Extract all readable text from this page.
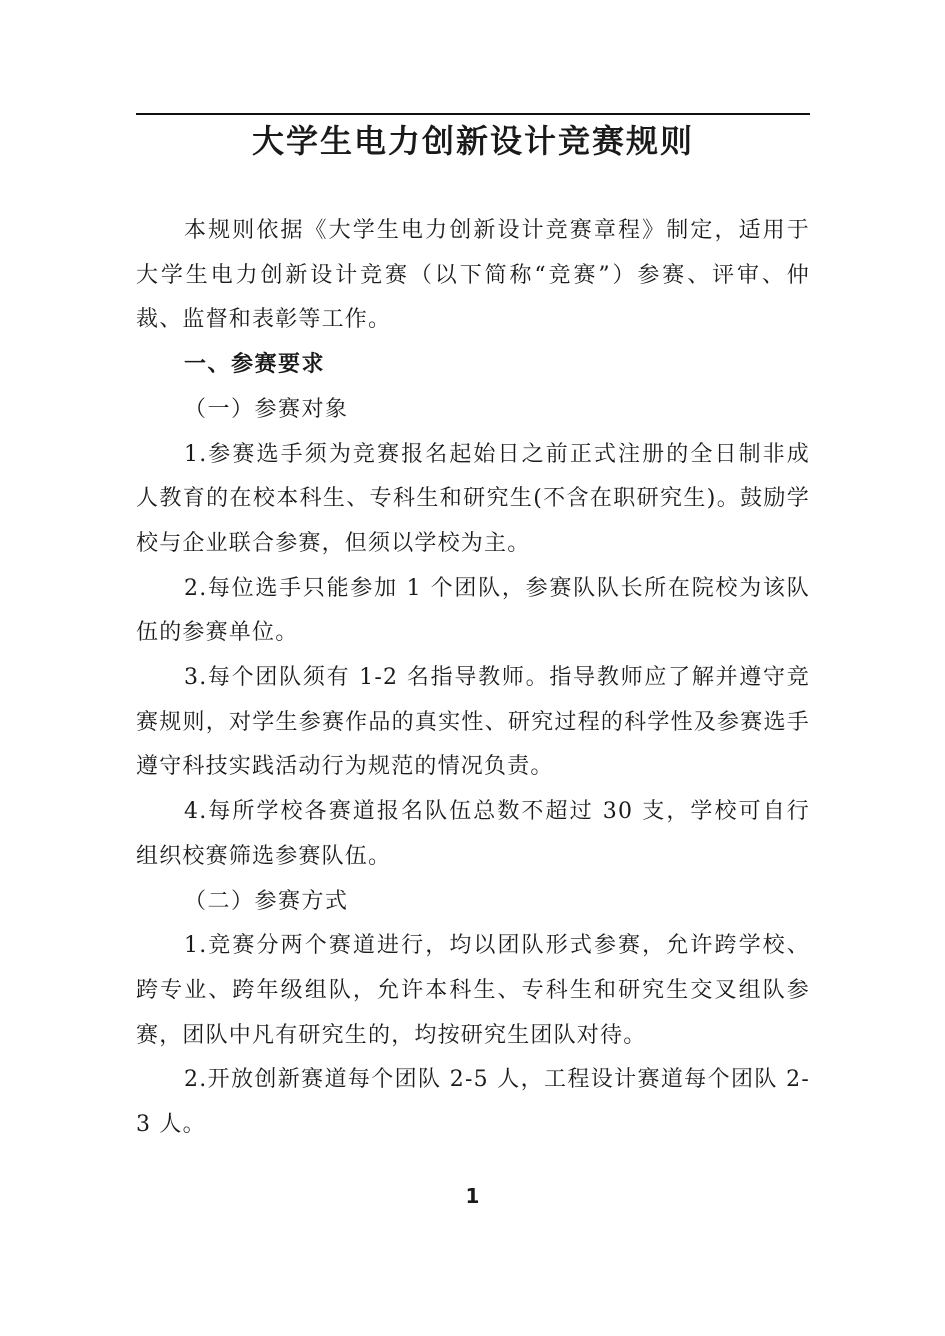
大学生电力创新设计竞赛规则

本规则依据《大学生电力创新设计竞赛章程》制定，适用于大学生电力创新设计竞赛（以下简称“竞赛”）参赛、评审、仲裁、监督和表彰等工作。

一、参赛要求

（一）参赛对象

1.参赛选手须为竞赛报名起始日之前正式注册的全日制非成人教育的在校本科生、专科生和研究生(不含在职研究生)。鼓励学校与企业联合参赛，但须以学校为主。

2.每位选手只能参加 1 个团队，参赛队队长所在院校为该队伍的参赛单位。

3.每个团队须有 1-2 名指导教师。指导教师应了解并遵守竞赛规则，对学生参赛作品的真实性、研究过程的科学性及参赛选手遵守科技实践活动行为规范的情况负责。

4.每所学校各赛道报名队伍总数不超过 30 支，学校可自行组织校赛筛选参赛队伍。

（二）参赛方式

1.竞赛分两个赛道进行，均以团队形式参赛，允许跨学校、跨专业、跨年级组队，允许本科生、专科生和研究生交叉组队参赛，团队中凡有研究生的，均按研究生团队对待。

2.开放创新赛道每个团队 2-5 人，工程设计赛道每个团队 2-3 人。

1
